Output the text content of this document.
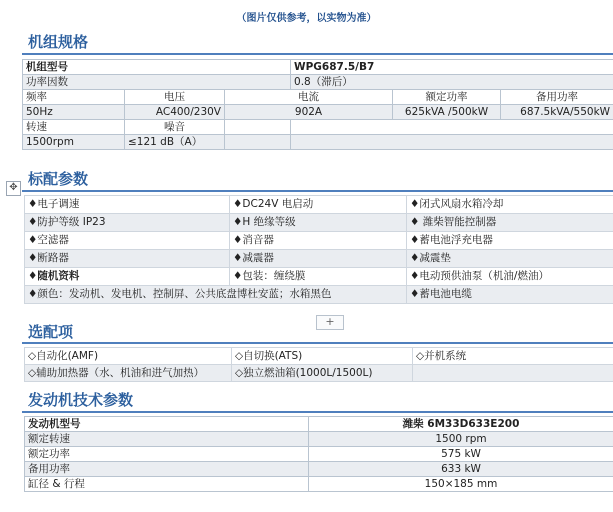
（图片仅供参考，以实物为准）
机组规格
机组型号			WPG687.5/B7		
功率因数			0.8（滞后）		
频率	电压	电流		额定功率	备用功率
50Hz	AC400/230V	902A		625kVA /500kW	687.5kVA/550kW
转速	噪音				
1500rpm	≤121 dB（A）				
✥ 标配参数
♦电子调速	♦DC24V 电启动	♦闭式风扇水箱冷却
♦防护等级 IP23	♦H 绝缘等级	♦ 潍柴智能控制器
♦空滤器	♦消音器	♦蓄电池浮充电器
♦断路器	♦减震器	♦减震垫
♦随机资料	♦包装：缠绕膜	♦电动预供油泵（机油/燃油）
♦颜色：发动机、发电机、控制屏、公共底盘博杜安蓝；水箱黑色		♦蓄电池电缆
+
选配项
◇自动化(AMF)	◇自切换(ATS)	◇并机系统
◇辅助加热器（水、机油和进气加热）	◇独立燃油箱(1000L/1500L)	
发动机技术参数
发动机型号	潍柴 6M33D633E200
额定转速	1500 rpm
额定功率	575 kW
备用功率	633 kW
缸径 & 行程	150×185 mm
